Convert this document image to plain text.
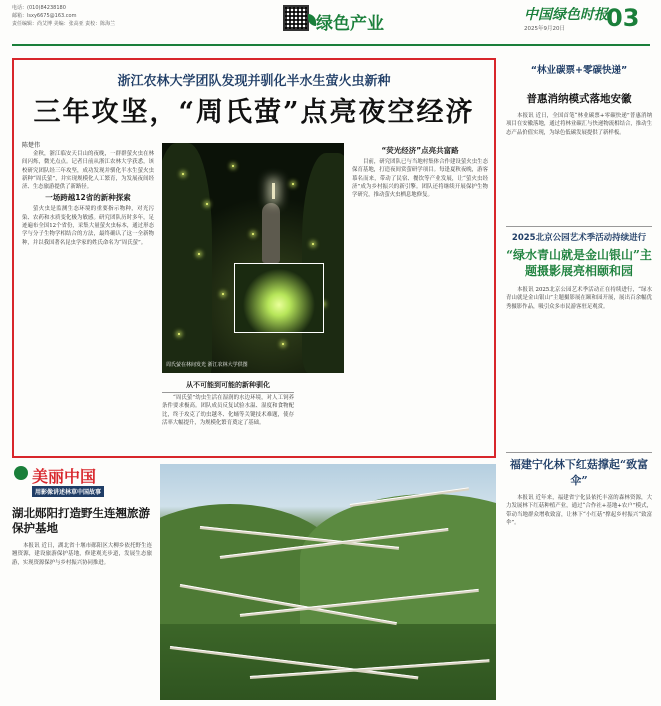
电话：(010)84238180
邮箱：lsxy6675@163.com
责任编辑：尚艾博 美编：张高亚 责校：陈海兰	绿色产业	中国绿色时报
2025年9月20日 03
浙江农林大学团队发现并驯化半水生萤火虫新种
三年攻坚，“周氏萤”点亮夜空经济
陈楚伟

金秋，浙江临安天目山的夜晚，一群群萤火虫在林间闪烁，微光点点。记者日前从浙江农林大学获悉，该校研究团队经三年攻坚，成功发现并驯化半水生萤火虫新种“周氏萤”，并实现规模化人工繁育，为发展夜间经济、生态旅游提供了新路径。

一场跨越12省的新种探索

萤火虫是监测生态环境的重要指示物种，对光污染、农药和水质变化极为敏感。研究团队历时多年，足迹遍布全国12个省份，采集大量萤火虫标本，通过形态学与分子生物学相结合的方法，最终确认了这一全新物种，并以我国著名昆虫学家的姓氏命名为“周氏萤”。

周氏萤在林间发光 浙江农林大学供图
从不可能到可能的新种驯化

“周氏萤”幼虫生活在湿润的水边环境，对人工饲养条件要求极高。团队成员反复试验水温、湿度和食物配比，终于攻克了幼虫越冬、化蛹等关键技术难题，使存活率大幅提升，为规模化繁育奠定了基础。

“荧光经济”点亮共富路

目前，研究团队已与当地村集体合作建设萤火虫生态保育基地，打造夜间赏萤研学项目。每逢夏秋夜晚，游客慕名而来，带动了民宿、餐饮等产业发展，让“萤火虫经济”成为乡村振兴的新引擎。团队还将继续开展保护生物学研究，推动萤火虫栖息地修复。

“林业碳票+零碳快递”
普惠消纳模式落地安徽

本报讯 近日，全国首笔“林业碳票+零碳快递”普惠消纳项目在安徽落地，通过将林业碳汇与快递物流相结合，推动生态产品价值实现，为绿色低碳发展提供了新样板。

2025北京公园艺术季活动持续进行
“绿水青山就是金山银山”主题摄影展亮相颐和园

本报讯 2025北京公园艺术季活动正在持续进行，“绿水青山就是金山银山”主题摄影展在颐和园开展，展出百余幅优秀摄影作品，吸引众多市民游客驻足观赏。

福建宁化林下红菇撑起“致富伞”

本报讯 近年来，福建省宁化县依托丰富的森林资源，大力发展林下红菇种植产业，通过“合作社+基地+农户”模式，带动当地群众增收致富，让林下“小红菇”撑起乡村振兴“致富伞”。

美丽中国
用影像讲述林草中国故事
湖北郧阳打造野生连翘旅游保护基地

本报讯 近日，湖北省十堰市郧阳区大柳乡依托野生连翘资源，建设旅游保护基地，修建观光步道，发展生态旅游，实现资源保护与乡村振兴协同推进。
